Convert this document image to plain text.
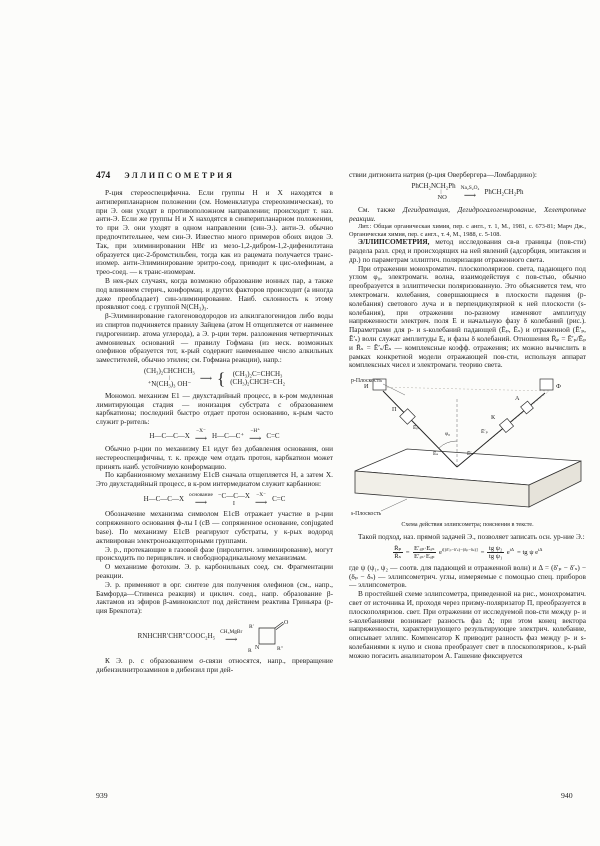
474 ЭЛЛИПСОМЕТРИЯ

Р-ция стереоспецифична. Если группы Н и Х находятся в антиперипланарном положении (см. Номенклатура стереохимическая), то при Э. они уходят в противоположном направлении; происходит т. наз. анти-Э. Если же группы Н и Х находятся в синперипланарном положении, то при Э. они уходят в одном направлении (син-Э.). анти-Э. обычно предпочтительнее, чем син-Э. Известно много примеров обоих видов Э. Так, при элиминировании HBr из мезо-1,2-дибром-1,2-дифенилэтана образуется цис-2-бромстильбен, тогда как из рацемата получается транс-изомер. анти-Элиминирование эритро-соед. приводит к цис-олефинам, а трео-соед. — к транс-изомерам.

В нек-рых случаях, когда возможно образование ионных пар, а также под влиянием стерич., конформац. и других факторов происходит (а иногда даже преобладает) син-элиминирование. Наиб. склонность к этому проявляют соед. с группой N(CH₃)₃.

β-Элиминирование галогеноводородов из алкилгалогенидов либо воды из спиртов подчиняется правилу Зайцева (атом Н отщепляется от наименее гидрогенизир. атома углерода), а Э. р-ции терм. разложения четвертичных аммониевых оснований — правилу Гофмана (из неск. возможных олефинов образуется тот, к-рый содержит наименьшее число алкильных заместителей, обычно этилен; см. Гофмана реакции), напр.:

(CH₃)₂CHCHCH₃
|
⁺N(CH₃)₃ OH⁻
⟶ { (CH₃)₂C=CHCH₃
(CH₃)₂CHCH=CH₂

Мономол. механизм Е1 — двухстадийный процесс, в к-ром медленная лимитирующая стадия — ионизация субстрата с образованием карбкатиона; последний быстро отдает протон основанию, к-рым часто служит р-ритель:

Н—С—С—Х
−X⁻
⟶ Н—С—С⁺
−H⁺
⟶ С=С

Обычно р-ции по механизму Е1 идут без добавления основания, они нестереоспецифичны, т. к. прежде чем отдать протон, карбкатион может принять наиб. устойчивую конформацию.

По карбанионному механизму Е1сВ сначала отщепляется Н, а затем Х. Это двухстадийный процесс, в к-ром интермедиатом служит карбанион:

Н—С—С—Х
основание
⟶
⁻С—С—Х
I
−X⁻
⟶ С=С

Обозначение механизма символом Е1сВ отражает участие в р-ции сопряженного основания ф-лы I (сВ — сопряженное основание, conjugated base). По механизму Е1сВ реагируют субстраты, у к-рых водород активирован электроноакцепторными группами.

Э. р., протекающие в газовой фазе (пиролитич. элиминирование), могут происходить по перициклич. и свободнорадикальному механизмам.

О механизме фотохим. Э. р. карбонильных соед. см. Фрагментации реакции.

Э. р. применяют в орг. синтезе для получения олефинов (см., напр., Бамфорда—Стивенса реакция) и циклич. соед., напр. образование β-лактамов из эфиров β-аминокислот под действием реактива Гриньяра (р-ция Брекпота):

RNHCHR′CHR″COOC₂H₅
CH₃MgBr
⟶
O
N
R
R′
R″

К Э. р. с образованием σ-связи относятся, напр., превращение дибензилнитрозаминов в дибензил при дей-

ствии дитионита натрия (р-ция Овербергера—Ломбардино):

PhCH₂NCH₂Ph
|
NO
Na₂S₂O₄
⟶ PhCH₂CH₂Ph

См. также Дегидратация, Дегидрогалогенирование, Хелетропные реакции.

Лит.: Общая органическая химия, пер. с англ., т. 1, М., 1981, с. 673-81; Марч Дж., Органическая химия, пер. с англ., т. 4, М., 1988, с. 5-108.

ЭЛЛИПСОМЕТРИЯ, метод исследования св-в границы (пов-сти) раздела разл. сред и происходящих на ней явлений (адсорбция, эпитаксия и др.) по параметрам эллиптич. поляризации отраженного света.

При отражении монохроматич. плоскополяризов. света, падающего под углом φ₀, электромагн. волна, взаимодействуя с пов-стью, обычно преобразуется в эллиптически поляризованную. Это объясняется тем, что электромагн. колебания, совершающиеся в плоскости падения (p-колебания) светового луча и в перпендикулярной к ней плоскости (s-колебания), при отражении по-разному изменяют амплитуду напряженности электрич. поля Е и начальную фазу δ колебаний (рис.). Параметрами для p- и s-колебаний падающей (Ēₚ, Ēₛ) и отраженной (Ē′ₚ, Ē′ₛ) волн служат амплитуды Eₐ и фазы δ колебаний. Отношения R̄ₚ = Ē′ₚ/Ēₚ и R̄ₛ = Ē′ₛ/Ēₛ — комплексные коэфф. отражения; их можно вычислить в рамках конкретной модели отражающей пов-сти, используя аппарат комплексных чисел и электромагн. теорию света.

φ₀
И
П
К
А
Ф
Ēₚ
Ēₛ
Ē′ₚ
Ē′ₛ
p-Плоскость
s-Плоскость
Схема действия эллипсометра; пояснения в тексте.

Такой подход, наз. прямой задачей Э., позволяет записать осн. ур-ние Э.:

$\frac{\text{R̄ₚ}}{\text{R̄ₛ}} = \frac{\text{E′ₐₚ·Eₐₛ}}{\text{E′ₐₛ·Eₐₚ}} e^{i[(\delta'_p-\delta'_s)-(\delta_p-\delta_s)]} = \frac{\text{tg ψ₂}}{\text{tg ψ₁}} e^{i\Delta}$ = tg ψ $e^{i\Delta}$

где ψ (ψ₁, ψ₂ — соотв. для падающей и отраженной волн) и Δ = (δ′ₚ − δ′ₛ) − (δₚ − δₛ) — эллипсометрич. углы, измеряемые с помощью спец. приборов — эллипсометров.

В простейшей схеме эллипсометра, приведенной на рис., монохроматич. свет от источника И, проходя через призму-поляризатор П, преобразуется в плоскополяризов. свет. При отражении от исследуемой пов-сти между p- и s-колебаниями возникает разность фаз Δ; при этом конец вектора напряженности, характеризующего результирующее электрич. колебание, описывает эллипс. Компенсатор К приводит разность фаз между p- и s-колебаниями к нулю и снова преобразует свет в плоскополяризов., к-рый можно погасить анализатором А. Гашение фиксируется

939	940
